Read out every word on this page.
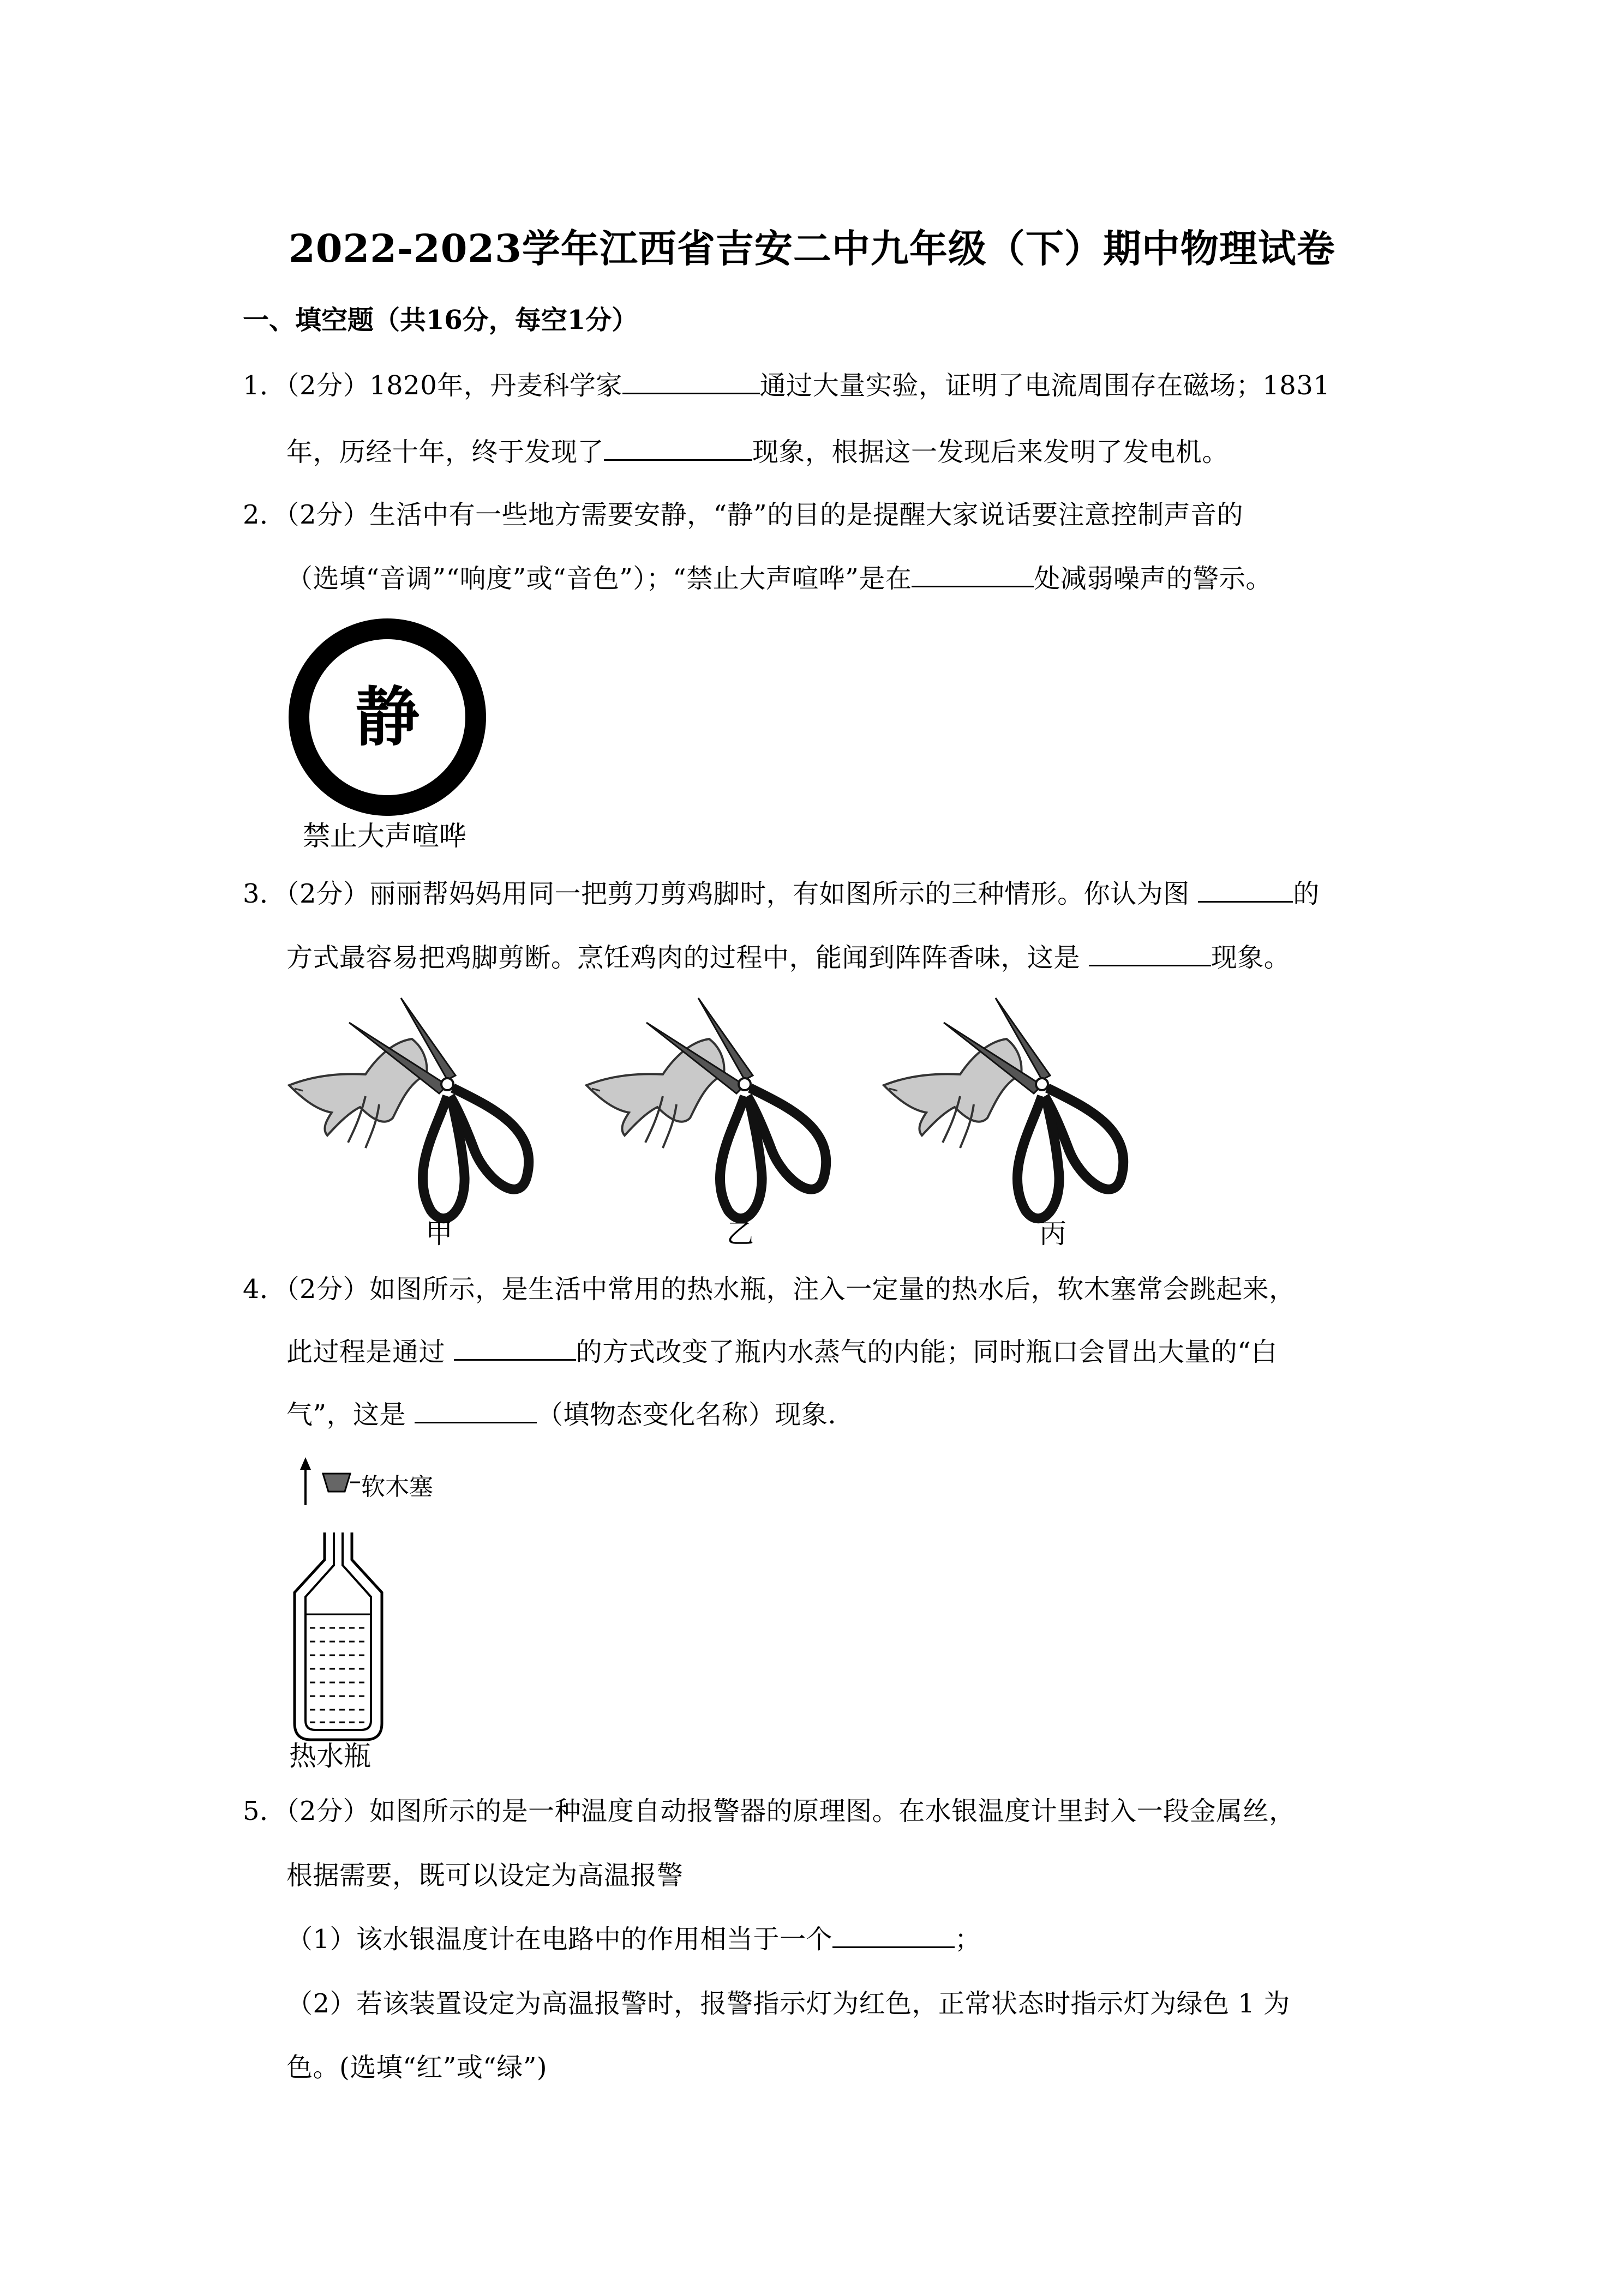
2022-2023学年江西省吉安二中九年级（下）期中物理试卷
一、填空题（共16分，每空1分）
1．（2分）1820年，丹麦科学家	通过大量实验，证明了电流周围存在磁场；1831
年，历经十年，终于发现了	现象，根据这一发现后来发明了发电机。
2．（2分）生活中有一些地方需要安静，“静”的目的是提醒大家说话要注意控制声音的
（选填“音调”“响度”或“音色”）；“禁止大声喧哗”是在	处减弱噪声的警示。
静
禁止大声喧哗
3．（2分）丽丽帮妈妈用同一把剪刀剪鸡脚时，有如图所示的三种情形。你认为图	的
方式最容易把鸡脚剪断。烹饪鸡肉的过程中，能闻到阵阵香味，这是	现象。
甲	乙	丙
4．（2分）如图所示，是生活中常用的热水瓶，注入一定量的热水后，软木塞常会跳起来，
此过程是通过	的方式改变了瓶内水蒸气的内能；同时瓶口会冒出大量的“白
气”，这是	（填物态变化名称）现象.
软木塞
热水瓶
5．（2分）如图所示的是一种温度自动报警器的原理图。在水银温度计里封入一段金属丝，
根据需要，既可以设定为高温报警
（1）该水银温度计在电路中的作用相当于一个	；
（2）若该装置设定为高温报警时，报警指示灯为红色，正常状态时指示灯为绿色 1 为
色。(选填“红”或“绿”)
